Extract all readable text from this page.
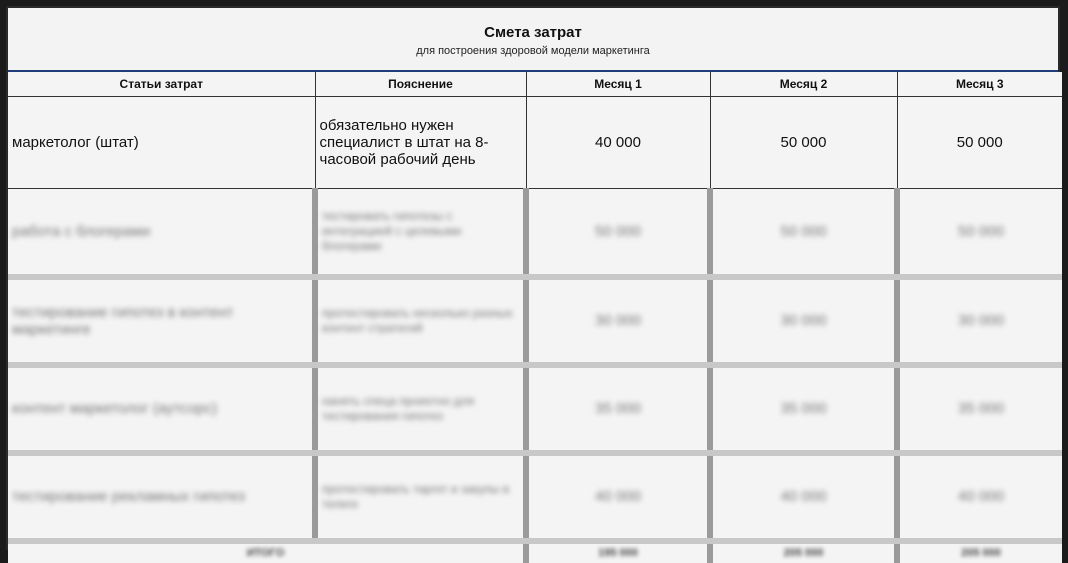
Смета затрат
для построения здоровой модели маркетинга
Статьи затрат	Пояснение	Месяц 1	Месяц 2	Месяц 3
маркетолог (штат)	обязательно нужен специалист в штат на 8-часовой рабочий день	40 000	50 000	50 000
работа с блогерами	тестировать гипотезы с интеграцией с целевыми блогерами	50 000	50 000	50 000
тестирование гипотез в контент маркетинге	протестировать несколько разных контент стратегий	30 000	30 000	30 000
контент маркетолог (аутсорс)	нанять спеца проектно для тестирования гипотез	35 000	35 000	35 000
тестирование рекламных гипотез	протестировать таргет и закупы в телеге	40 000	40 000	40 000
ИТОГО		195 000	205 000	205 000
